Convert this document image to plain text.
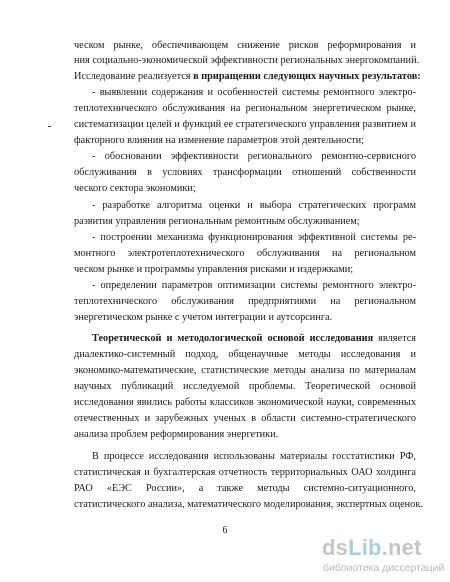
ческом рынке, обеспечивающем снижение рисков реформирования и
ния социально-экономической эффективности региональных энергокомпаний.
Исследование реализуется в приращении следующих научных результатов:
- выявлении содержания и особенностей системы ремонтного электро-
теплотехнического обслуживания на региональном энергетическом рынке,
систематизации целей и функций ее стратегического управления развитием и
факторного влияния на изменение параметров этой деятельности;
- обосновании эффективности регионального ремонтно-сервисного
обслуживания в условиях трансформации отношений собственности
ческого сектора экономики;
- разработке алгоритма оценки и выбора стратегических программ
развития управления региональным ремонтным обслуживанием;
- построении механизма функционирования эффективной системы ре-
монтного электротеплотехнического обслуживания на региональном
ческом рынке и программы управления рисками и издержками;
- определении параметров оптимизации системы ремонтного электро-
теплотехнического обслуживания предприятиями на региональном
энергетическом рынке с учетом интеграции и аутсорсинга.
Теоретической и методологической основой исследования является
диалектико-системный подход, общенаучные методы исследования и
экономико-математические, статистические методы анализа по материалам
научных публикаций исследуемой проблемы. Теоретической основой
исследования явились работы классиков экономической науки, современных
отечественных и зарубежных ученых в области системно-стратегического
анализа проблем реформирования энергетики.
В процессе исследования использованы материалы госстатистики РФ,
статистическая и бухгалтерская отчетность территориальных ОАО холдинга
РАО «ЕЭС России», а также методы системно-ситуационного,
статистического анализа, математического моделирования, экспертных оценок.
6
dsLib.net
библиотека диссертаций
